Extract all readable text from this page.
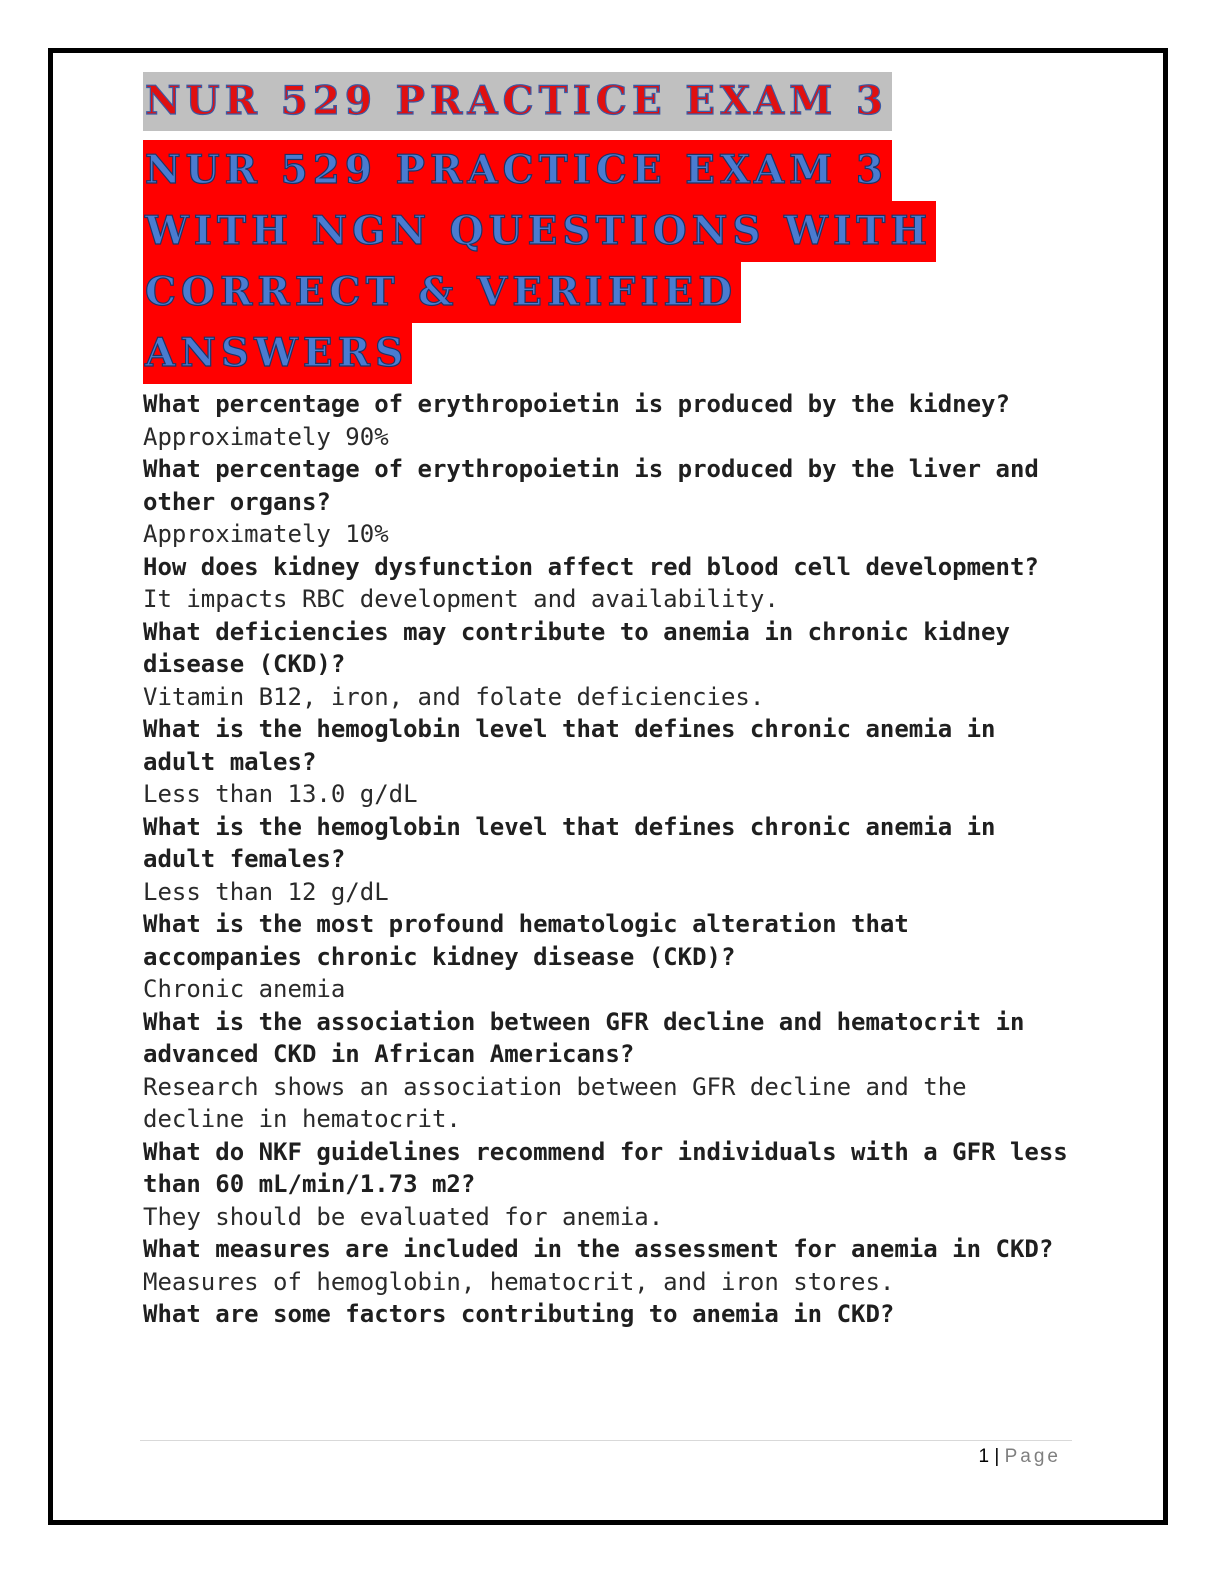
NUR 529 PRACTICE EXAM 3
NUR 529 PRACTICE EXAM 3
WITH NGN QUESTIONS WITH
CORRECT & VERIFIED
ANSWERS
What percentage of erythropoietin is produced by the kidney?
Approximately 90%
What percentage of erythropoietin is produced by the liver and other organs?
Approximately 10%
How does kidney dysfunction affect red blood cell development?
It impacts RBC development and availability.
What deficiencies may contribute to anemia in chronic kidney disease (CKD)?
Vitamin B12, iron, and folate deficiencies.
What is the hemoglobin level that defines chronic anemia in adult males?
Less than 13.0 g/dL
What is the hemoglobin level that defines chronic anemia in adult females?
Less than 12 g/dL
What is the most profound hematologic alteration that accompanies chronic kidney disease (CKD)?
Chronic anemia
What is the association between GFR decline and hematocrit in advanced CKD in African Americans?
Research shows an association between GFR decline and the decline in hematocrit.
What do NKF guidelines recommend for individuals with a GFR less than 60 mL/min/1.73 m2?
They should be evaluated for anemia.
What measures are included in the assessment for anemia in CKD?
Measures of hemoglobin, hematocrit, and iron stores.
What are some factors contributing to anemia in CKD?
1 | Page
